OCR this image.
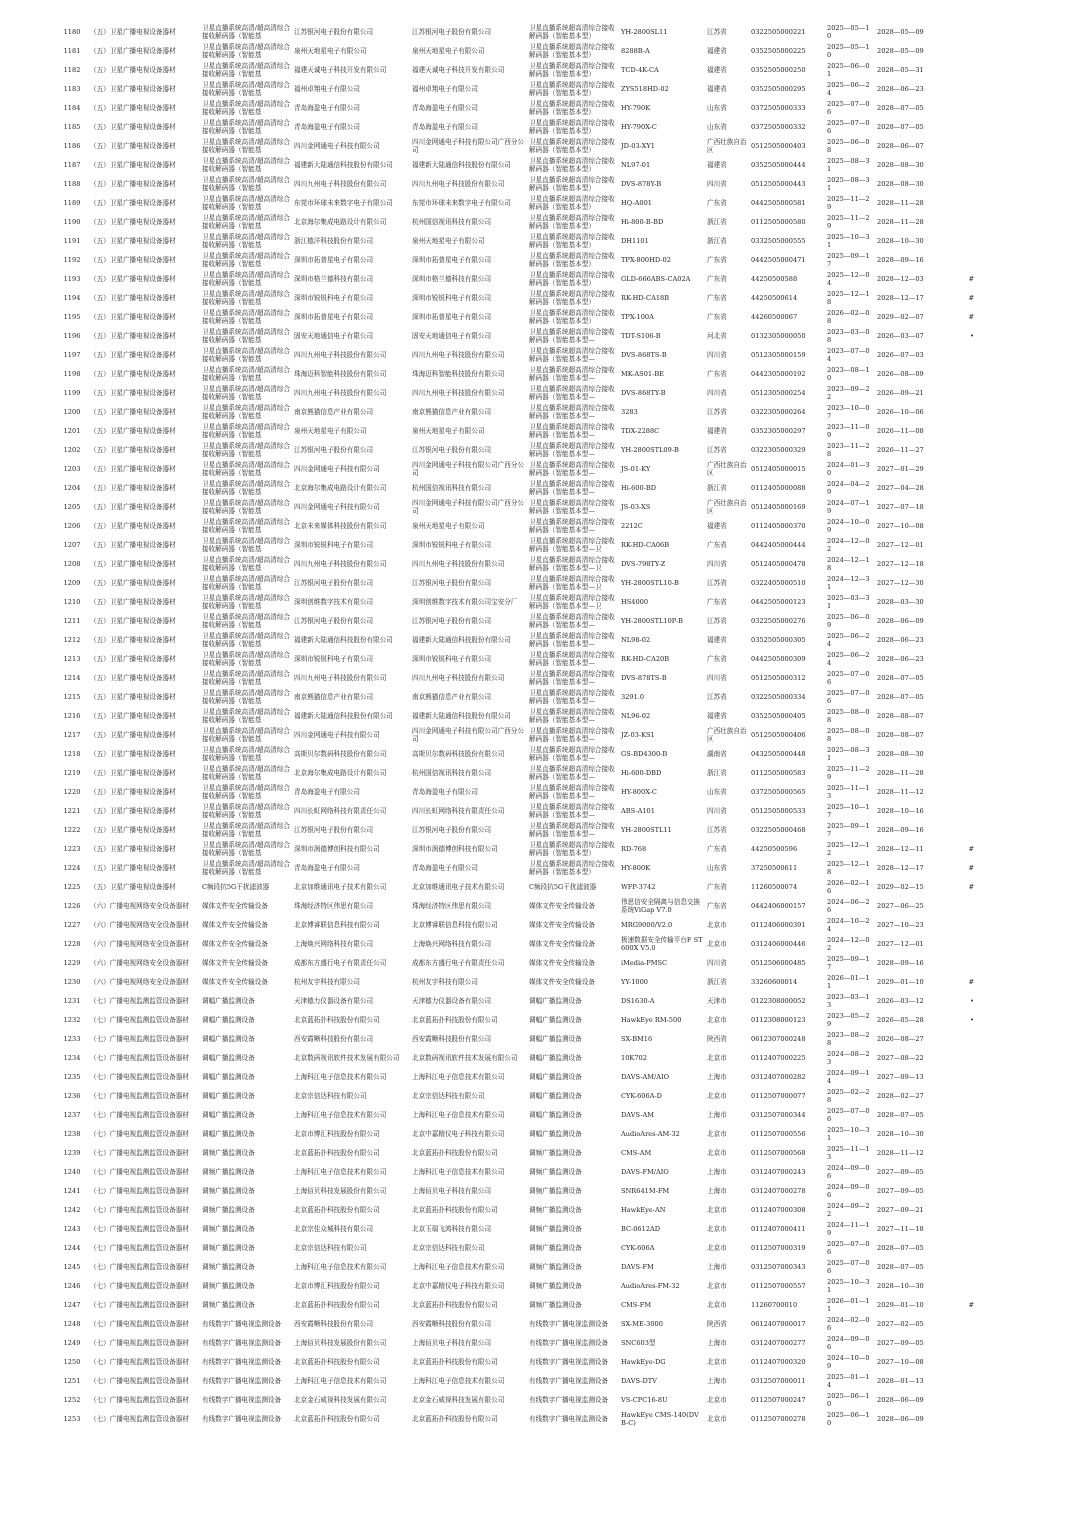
1180	（五）卫星广播电视设备器材	卫星直播系统高清/超高清综合接收解码器（智能基	江苏银河电子股份有限公司	江苏银河电子股份有限公司	卫星直播系统超高清综合接收解码器（智能基本型）	YH-2800SL11	江苏省	0322505000221	2025—05—10	2028—05—09	
1181	（五）卫星广播电视设备器材	卫星直播系统高清/超高清综合接收解码器（智能基	泉州天地星电子有限公司	泉州天地星电子有限公司	卫星直播系统超高清综合接收解码器（智能基本型）	8288B-A	福建省	0352505000225	2025—05—10	2028—05—09	
1182	（五）卫星广播电视设备器材	卫星直播系统高清/超高清综合接收解码器（智能基	福建天诚电子科技开发有限公司	福建天诚电子科技开发有限公司	卫星直播系统超高清综合接收解码器（智能基本型）	TCD-4K-CA	福建省	0352505000250	2025—06—01	2028—05—31	
1183	（五）卫星广播电视设备器材	卫星直播系统高清/超高清综合接收解码器（智能基	福州卓翔电子有限公司	福州卓翔电子有限公司	卫星直播系统超高清综合接收解码器（智能基本型）	ZYS518HD-02	福建省	0352505000295	2025—06—24	2028—06—23	
1184	（五）卫星广播电视设备器材	卫星直播系统高清/超高清综合接收解码器（智能基	青岛海盈电子有限公司	青岛海盈电子有限公司	卫星直播系统超高清综合接收解码器（智能基本型）	HY-790K	山东省	0372505000333	2025—07—06	2028—07—05	
1185	（五）卫星广播电视设备器材	卫星直播系统高清/超高清综合接收解码器（智能基	青岛海盈电子有限公司	青岛海盈电子有限公司	卫星直播系统超高清综合接收解码器（智能基本型）	HY-790X-C	山东省	0372505000332	2025—07—06	2028—07—05	
1186	（五）卫星广播电视设备器材	卫星直播系统高清/超高清综合接收解码器（智能基	四川金网通电子科技有限公司	四川金网通电子科技有限公司广西分公司	卫星直播系统超高清综合接收解码器（智能基本型）	JD-03-XY1	广西壮族自治区	0512505000403	2025—06—08	2028—06—07	
1187	（五）卫星广播电视设备器材	卫星直播系统高清/超高清综合接收解码器（智能基	福建新大陆通信科技股份有限公司	福建新大陆通信科技股份有限公司	卫星直播系统超高清综合接收解码器（智能基本型）	NL97-01	福建省	0352505000444	2025—08—31	2028—08—30	
1188	（五）卫星广播电视设备器材	卫星直播系统高清/超高清综合接收解码器（智能基	四川九州电子科技股份有限公司	四川九州电子科技股份有限公司	卫星直播系统超高清综合接收解码器（智能基本型）	DVS-878Y-B	四川省	0512505000443	2025—08—31	2028—08—30	
1189	（五）卫星广播电视设备器材	卫星直播系统高清/超高清综合接收解码器（智能基	东莞市环球未来数字电子有限公司	东莞市环球未来数字电子有限公司	卫星直播系统超高清综合接收解码器（智能基本型）	HQ-A001	广东省	0442505000581	2025—11—29	2028—11—28	
1190	（五）卫星广播电视设备器材	卫星直播系统高清/超高清综合接收解码器（智能基	北京海尔集成电路设计有限公司	杭州国信视讯科技有限公司	卫星直播系统超高清综合接收解码器（智能基本型）	Hi-800-B-BD	浙江省	0112505000580	2025—11—29	2028—11—28	
1191	（五）卫星广播电视设备器材	卫星直播系统高清/超高清综合接收解码器（智能基	浙江德洋科技股份有限公司	泉州天地星电子有限公司	卫星直播系统超高清综合接收解码器（智能基本型）	DH1101	浙江省	0332505000555	2025—10—31	2028—10—30	
1192	（五）卫星广播电视设备器材	卫星直播系统高清/超高清综合接收解码器（智能基	深圳市拓普星电子有限公司	深圳市拓普星电子有限公司	卫星直播系统超高清综合接收解码器（智能基本型）	TPX-800HD-02	广东省	0442505000471	2025—09—17	2028—09—16	
1193	（五）卫星广播电视设备器材	卫星直播系统高清/超高清综合接收解码器（智能基	深圳市格兰德科技有限公司	深圳市格兰德科技有限公司	卫星直播系统超高清综合接收解码器（智能基本型）	GLD-666ABS-CA02A	广东省	44250500588	2025—12—04	2028—12—03	#
1194	（五）卫星广播电视设备器材	卫星直播系统高清/超高清综合接收解码器（智能基	深圳市锐锐科电子有限公司	深圳市锐锐科电子有限公司	卫星直播系统超高清综合接收解码器（智能基本型）	RK-HD-CA18B	广东省	44250500614	2025—12—18	2028—12—17	#
1195	（五）卫星广播电视设备器材	卫星直播系统高清/超高清综合接收解码器（智能基	深圳市拓普星电子有限公司	深圳市拓普星电子有限公司	卫星直播系统超高清综合接收解码器（智能基本型）	TPX-100A	广东省	44260500067	2026—02—08	2029—02—07	#
1196	（五）卫星广播电视设备器材	卫星直播系统高清/超高清综合接收解码器（智能基	固安天地通信电子有限公司	固安天地通信电子有限公司	卫星直播系统超高清综合接收解码器（智能基本型—	TDT-S106-B	河北省	0132305000050	2023—03—08	2026—03—07	•
1197	（五）卫星广播电视设备器材	卫星直播系统高清/超高清综合接收解码器（智能基	四川九州电子科技股份有限公司	四川九州电子科技股份有限公司	卫星直播系统超高清综合接收解码器（智能基本型—	DVS-868TS-B	四川省	0512305000159	2023—07—04	2026—07—03	
1198	（五）卫星广播电视设备器材	卫星直播系统高清/超高清综合接收解码器（智能基	珠海迈科智能科技股份有限公司	珠海迈科智能科技股份有限公司	卫星直播系统超高清综合接收解码器（智能基本型—	MK-AS01-BE	广东省	0442305000192	2023—08—10	2026—08—09	
1199	（五）卫星广播电视设备器材	卫星直播系统高清/超高清综合接收解码器（智能基	四川九州电子科技股份有限公司	四川九州电子科技股份有限公司	卫星直播系统超高清综合接收解码器（智能基本型—	DVS-868TY-B	四川省	0512305000254	2023—09—22	2026—09—21	
1200	（五）卫星广播电视设备器材	卫星直播系统高清/超高清综合接收解码器（智能基	南京熊猫信息产业有限公司	南京熊猫信息产业有限公司	卫星直播系统超高清综合接收解码器（智能基本型—	3283	江苏省	0322305000264	2023—10—07	2026—10—06	
1201	（五）卫星广播电视设备器材	卫星直播系统高清/超高清综合接收解码器（智能基	泉州天地星电子有限公司	泉州天地星电子有限公司	卫星直播系统超高清综合接收解码器（智能基本型—	TDX-2288C	福建省	0352305000297	2023—11—09	2026—11—08	
1202	（五）卫星广播电视设备器材	卫星直播系统高清/超高清综合接收解码器（智能基	江苏银河电子股份有限公司	江苏银河电子股份有限公司	卫星直播系统超高清综合接收解码器（智能基本型—	YH-2800STL09-B	江苏省	0322305000329	2023—11—28	2026—11—27	
1203	（五）卫星广播电视设备器材	卫星直播系统高清/超高清综合接收解码器（智能基	四川金网通电子科技有限公司	四川金网通电子科技有限公司广西分公司	卫星直播系统超高清综合接收解码器（智能基本型—	JS-01-KY	广西壮族自治区	0512405000015	2024—01—30	2027—01—29	
1204	（五）卫星广播电视设备器材	卫星直播系统高清/超高清综合接收解码器（智能基	北京海尔集成电路设计有限公司	杭州国信视讯科技有限公司	卫星直播系统超高清综合接收解码器（智能基本型—	Hi-600-BD	浙江省	0112405000088	2024—04—29	2027—04—28	
1205	（五）卫星广播电视设备器材	卫星直播系统高清/超高清综合接收解码器（智能基	四川金网通电子科技有限公司	四川金网通电子科技有限公司广西分公司	卫星直播系统超高清综合接收解码器（智能基本型—	JS-03-XS	广西壮族自治区	0512405000169	2024—07—19	2027—07—18	
1206	（五）卫星广播电视设备器材	卫星直播系统高清/超高清综合接收解码器（智能基	北京未来媒体科技股份有限公司	泉州天地星电子有限公司	卫星直播系统超高清综合接收解码器（智能基本型—	2212C	福建省	0112405000370	2024—10—09	2027—10—08	
1207	（五）卫星广播电视设备器材	卫星直播系统高清/超高清综合接收解码器（智能基	深圳市锐锐科电子有限公司	深圳市锐锐科电子有限公司	卫星直播系统超高清综合接收解码器（智能基本型—卫	RK-HD-CA06B	广东省	0442405000444	2024—12—02	2027—12—01	
1208	（五）卫星广播电视设备器材	卫星直播系统高清/超高清综合接收解码器（智能基	四川九州电子科技股份有限公司	四川九州电子科技股份有限公司	卫星直播系统超高清综合接收解码器（智能基本型—卫	DVS-798TY-Z	四川省	0512405000478	2024—12—18	2027—12—18	
1209	（五）卫星广播电视设备器材	卫星直播系统高清/超高清综合接收解码器（智能基	江苏银河电子股份有限公司	江苏银河电子股份有限公司	卫星直播系统超高清综合接收解码器（智能基本型—卫	YH-2800STL10-B	江苏省	0322405000510	2024—12—31	2027—12—30	
1210	（五）卫星广播电视设备器材	卫星直播系统高清/超高清综合接收解码器（智能基	深圳创维数字技术有限公司	深圳创维数字技术有限公司宝安分厂	卫星直播系统超高清综合接收解码器（智能基本型—卫	HS4000	广东省	0442505000123	2025—03—31	2028—03—30	
1211	（五）卫星广播电视设备器材	卫星直播系统高清/超高清综合接收解码器（智能基	江苏银河电子股份有限公司	江苏银河电子股份有限公司	卫星直播系统超高清综合接收解码器（智能基本型—	YH-2800STL10P-B	江苏省	0322505000276	2025—06—09	2028—06—09	
1212	（五）卫星广播电视设备器材	卫星直播系统高清/超高清综合接收解码器（智能基	福建新大陆通信科技股份有限公司	福建新大陆通信科技股份有限公司	卫星直播系统超高清综合接收解码器（智能基本型—	NL98-02	福建省	0352505000305	2025—06—24	2028—06—23	
1213	（五）卫星广播电视设备器材	卫星直播系统高清/超高清综合接收解码器（智能基	深圳市锐锐科电子有限公司	深圳市锐锐科电子有限公司	卫星直播系统超高清综合接收解码器（智能基本型—	RK-HD-CA20B	广东省	0442505000309	2025—06—24	2028—06—23	
1214	（五）卫星广播电视设备器材	卫星直播系统高清/超高清综合接收解码器（智能基	四川九州电子科技股份有限公司	四川九州电子科技股份有限公司	卫星直播系统超高清综合接收解码器（智能基本型—	DVS-878TS-B	四川省	0512505000312	2025—07—06	2028—07—05	
1215	（五）卫星广播电视设备器材	卫星直播系统高清/超高清综合接收解码器（智能基	南京熊猫信息产业有限公司	南京熊猫信息产业有限公司	卫星直播系统超高清综合接收解码器（智能基本型—	3291.0	江苏省	0322505000334	2025—07—06	2028—07—05	
1216	（五）卫星广播电视设备器材	卫星直播系统高清/超高清综合接收解码器（智能基	福建新大陆通信科技股份有限公司	福建新大陆通信科技股份有限公司	卫星直播系统超高清综合接收解码器（智能基本型—	NL96-02	福建省	0352505000405	2025—08—08	2028—08—07	
1217	（五）卫星广播电视设备器材	卫星直播系统高清/超高清综合接收解码器（智能基	四川金网通电子科技有限公司	四川金网通电子科技有限公司广西分公司	卫星直播系统超高清综合接收解码器（智能基本型—	JZ-03-KS1	广西壮族自治区	0512505000406	2025—08—08	2028—08—07	
1218	（五）卫星广播电视设备器材	卫星直播系统高清/超高清综合接收解码器（智能基	高斯贝尔数码科技股份有限公司	高斯贝尔数码科技股份有限公司	卫星直播系统超高清综合接收解码器（智能基本型—	GS-BD4300-B	湖南省	0432505000448	2025—08—31	2028—08—30	
1219	（五）卫星广播电视设备器材	卫星直播系统高清/超高清综合接收解码器（智能基	北京海尔集成电路设计有限公司	杭州国信视讯科技有限公司	卫星直播系统超高清综合接收解码器（智能基本型—	Hi-600-DBD	浙江省	0112505000583	2025—11—29	2028—11—28	
1220	（五）卫星广播电视设备器材	卫星直播系统高清/超高清综合接收解码器（智能基	青岛海盈电子有限公司	青岛海盈电子有限公司	卫星直播系统超高清综合接收解码器（智能基本型—	HY-800X-C	山东省	0372505000565	2025—11—13	2028—11—12	
1221	（五）卫星广播电视设备器材	卫星直播系统高清/超高清综合接收解码器（智能基	四川长虹网络科技有限责任公司	四川长虹网络科技有限责任公司	卫星直播系统超高清综合接收解码器（智能基本型—	ABS-A101	四川省	0512505000533	2025—10—17	2028—10—16	
1222	（五）卫星广播电视设备器材	卫星直播系统高清/超高清综合接收解码器（智能基	江苏银河电子股份有限公司	江苏银河电子股份有限公司	卫星直播系统超高清综合接收解码器（智能基本型—	YH-2800STL11	江苏省	0322505000468	2025—09—17	2028—09—16	
1223	（五）卫星广播电视设备器材	卫星直播系统高清/超高清综合接收解码器（智能基	深圳市润德博创科技有限公司	深圳市润德博创科技有限公司	卫星直播系统超高清综合接收解码器（智能基本型）	RD-768	广东省	44250500596	2025—12—12	2028—12—11	#
1224	（五）卫星广播电视设备器材	卫星直播系统高清/超高清综合接收解码器（智能基	青岛海盈电子有限公司	青岛海盈电子有限公司	卫星直播系统超高清综合接收解码器（智能基本型）	HY-800K	山东省	37250500611	2025—12—18	2028—12—17	#
1225	（五）卫星广播电视设备器材	C频段抗5G干扰滤波器	北京加维通讯电子技术有限公司	北京加维通讯电子技术有限公司	C频段抗5G干扰滤波器	WFP-3742	广东省	11260500074	2026—02—16	2029—02—15	#
1226	（六）广播电视网络安全设备器材	媒体文件安全传输设备	珠海经济特区伟思有限公司	珠海经济特区伟思有限公司	媒体文件安全传输设备	伟思信安全隔离与信息交换系统ViGap V7.0	广东省	0442406000157	2024—06—26	2027—06—25	
1227	（六）广播电视网络安全设备器材	媒体文件安全传输设备	北京博睿联信息科技有限公司	北京博睿联信息科技有限公司	媒体文件安全传输设备	MRG9000/V2.0	北京市	0112406000391	2024—10—24	2027—10—23	
1228	（六）广播电视网络安全设备器材	媒体文件安全传输设备	上海焕兴网络科技有限公司	上海焕兴网络科技有限公司	媒体文件安全传输设备	极速数据安全传输平台F ST600X V5.0	北京市	0312406000446	2024—12—02	2027—12—01	
1229	（六）广播电视网络安全设备器材	媒体文件安全传输设备	成都东方盛行电子有限责任公司	成都东方盛行电子有限责任公司	媒体文件安全传输设备	iMedia-PMSC	四川省	0512506000485	2025—09—17	2028—09—16	
1230	（六）广播电视网络安全设备器材	媒体文件安全传输设备	杭州友宇科技有限公司	杭州友宇科技有限公司	媒体文件安全传输设备	YY-1000	浙江省	33260600014	2026—01—11	2029—01—10	#
1231	（七）广播电视监测监管设备器材	调幅广播监测设备	天津德力仪器设备有限公司	天津德力仪器设备有限公司	调幅广播监测设备	DS1630-A	天津市	0122308000052	2023—03—13	2026—03—12	•
1232	（七）广播电视监测监管设备器材	调幅广播监测设备	北京蓝拓扑科技股份有限公司	北京蓝拓扑科技股份有限公司	调幅广播监测设备	HawkEye RM-500	北京市	0112308000123	2023—05—29	2026—05—28	•
1233	（七）广播电视监测监管设备器材	调幅广播监测设备	西安霞晰科技股份有限公司	西安霞晰科技股份有限公司	调幅广播监测设备	SX-BM16	陕西省	0612307000248	2023—08—28	2026—08—27	
1234	（七）广播电视监测监管设备器材	调幅广播监测设备	北京数码视讯软件技术发展有限公司	北京数码视讯软件技术发展有限公司	调幅广播监测设备	10K702	北京市	0112407000225	2024—08—23	2027—08—22	
1235	（七）广播电视监测监管设备器材	调幅广播监测设备	上海科江电子信息技术有限公司	上海科江电子信息技术有限公司	调幅广播监测设备	DAVS-AM/AIO	上海市	0312407000282	2024—09—14	2027—09—13	
1236	（七）广播电视监测监管设备器材	调幅广播监测设备	北京宗信达科技有限公司	北京宗信达科技有限公司	调幅广播监测设备	CYK-606A-D	北京市	0112507000077	2025—02—28	2028—02—27	
1237	（七）广播电视监测监管设备器材	调幅广播监测设备	上海科江电子信息技术有限公司	上海科江电子信息技术有限公司	调幅广播监测设备	DAVS-AM	上海市	0312507000344	2025—07—06	2028—07—05	
1238	（七）广播电视监测监管设备器材	调幅广播监测设备	北京市博汇科技股份有限公司	北京中嘉精仪电子科技有限公司	调幅广播监测设备	AudioAres-AM-32	北京市	0112507000556	2025—10—31	2028—10—30	
1239	（七）广播电视监测监管设备器材	调频广播监测设备	北京蓝拓扑科技股份有限公司	北京蓝拓扑科技股份有限公司	调频广播监测设备	CMS-AM	北京市	0112507000568	2025—11—13	2028—11—12	
1240	（七）广播电视监测监管设备器材	调频广播监测设备	上海科江电子信息技术有限公司	上海科江电子信息技术有限公司	调频广播监测设备	DAVS-FM/AIO	上海市	0312407000243	2024—09—06	2027—09—05	
1241	（七）广播电视监测监管设备器材	调频广播监测设备	上海佰贝科技发展股份有限公司	上海佰贝电子科技有限公司	调频广播监测设备	SNR641M-FM	上海市	0312407000278	2024—09—06	2027—09—05	
1242	（七）广播电视监测监管设备器材	调频广播监测设备	北京蓝拓扑科技股份有限公司	北京蓝拓扑科技股份有限公司	调频广播监测设备	HawkEye-AN	北京市	0112407000308	2024—09—22	2027—09—21	
1243	（七）广播电视监测监管设备器材	调频广播监测设备	北京宗佳众城科技有限公司	北京玉瑞飞鸿科技有限公司	调频广播监测设备	BC-0612AD	北京市	0112407000411	2024—11—19	2027—11—18	
1244	（七）广播电视监测监管设备器材	调频广播监测设备	北京宗信达科技有限公司	北京宗信达科技有限公司	调频广播监测设备	CYK-606A	北京市	0112507000319	2025—07—06	2028—07—05	
1245	（七）广播电视监测监管设备器材	调频广播监测设备	上海科江电子信息技术有限公司	上海科江电子信息技术有限公司	调频广播监测设备	DAVS-FM	上海市	0312507000343	2025—07—06	2028—07—05	
1246	（七）广播电视监测监管设备器材	调频广播监测设备	北京市博汇科技股份有限公司	北京中嘉精仪电子科技有限公司	调频广播监测设备	AudioAres-FM-32	北京市	0112507000557	2025—10—31	2028—10—30	
1247	（七）广播电视监测监管设备器材	调频广播监测设备	北京蓝拓扑科技股份有限公司	北京蓝拓扑科技股份有限公司	调频广播监测设备	CMS-FM	北京市	11260700010	2026—01—11	2029—01—10	#
1248	（七）广播电视监测监管设备器材	有线数字广播电视监测设备	西安霞晰科技股份有限公司	西安霞晰科技股份有限公司	有线数字广播电视监测设备	SX-ME-3000	陕西省	0612407000017	2024—02—06	2027—02—05	
1249	（七）广播电视监测监管设备器材	有线数字广播电视监测设备	上海佰贝科技发展股份有限公司	上海佰贝电子科技有限公司	有线数字广播电视监测设备	SNC603型	上海市	0312407000277	2024—09—06	2027—09—05	
1250	（七）广播电视监测监管设备器材	有线数字广播电视监测设备	北京蓝拓扑科技股份有限公司	北京蓝拓扑科技股份有限公司	有线数字广播电视监测设备	HawkEye-DG	北京市	0112407000320	2024—10—09	2027—10—08	
1251	（七）广播电视监测监管设备器材	有线数字广播电视监测设备	上海科江电子信息技术有限公司	上海科江电子信息技术有限公司	有线数字广播电视监测设备	DAVS-DTV	上海市	0312507000011	2025—01—14	2028—01—13	
1252	（七）广播电视监测监管设备器材	有线数字广播电视监测设备	北京金石威视科技发展有限公司	北京金石威视科技发展有限公司	有线数字广播电视监测设备	VS-CPC16-8U	北京市	0112507000247	2025—06—10	2028—06—09	
1253	（七）广播电视监测监管设备器材	有线数字广播电视监测设备	北京蓝拓扑科技股份有限公司	北京蓝拓扑科技股份有限公司	有线数字广播电视监测设备	HawkEye CMS-140(DVB-C)	北京市	0112507000278	2025—06—10	2028—06—09	
